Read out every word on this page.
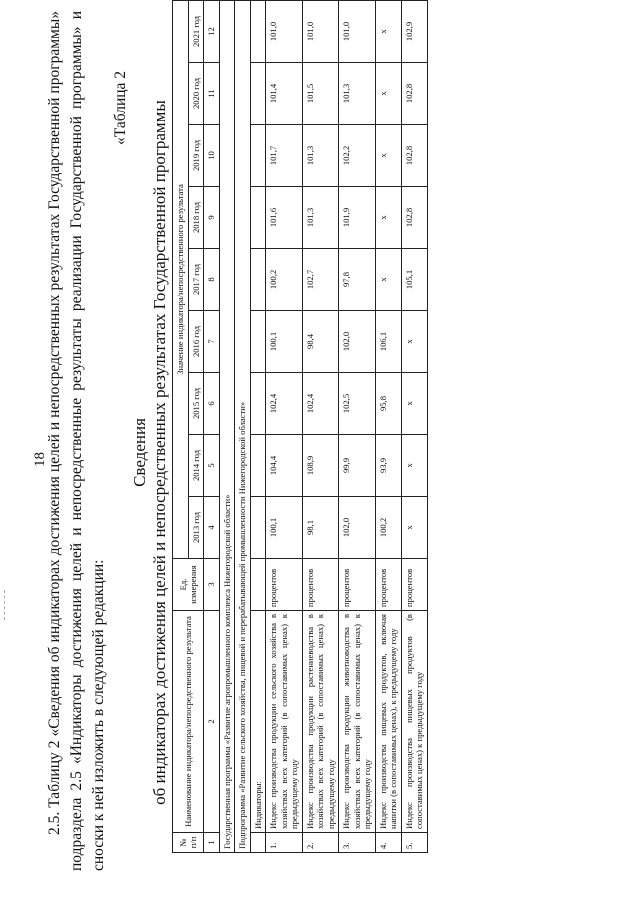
18
2.5. Таблицу 2 «Сведения об индикаторах достижения целей и непосредственных результатах Государственной программы» подраздела 2.5 «Индикаторы достижения целей и непосредственные результаты реализации Государственной программы» и сноски к ней изложить в следующей редакции:
«Таблица 2
Сведения об индикаторах достижения целей и непосредственных результатах Государственной программы
№ п/п	Наименование индикатора/непосредственного результата	Ед. измерения	Значение индикатора/непосредственного результата								
			2013 год	2014 год	2015 год	2016 год	2017 год	2018 год	2019 год	2020 год	2021 год
1	2	3	4	5	6	7	8	9	10	11	12
Государственная программа «Развитие агропромышленного комплекса Нижегородской области»											
Подпрограмма «Развитие сельского хозяйства, пищевой и перерабатывающей промышленности Нижегородской области»											
	Индикаторы:										
1.	Индекс производства продукции сельского хозяйства в хозяйствах всех категорий (в сопоставимых ценах) к предыдущему году	процентов	100,1	104,4	102,4	100,1	100,2	101,6	101,7	101,4	101,0
2.	Индекс производства продукции растениеводства в хозяйствах всех категорий (в сопоставимых ценах) к предыдущему году	процентов	98,1	108,9	102,4	98,4	102,7	101,3	101,3	101,5	101,0
3.	Индекс производства продукции животноводства в хозяйствах всех категорий (в сопоставимых ценах) к предыдущему году	процентов	102,0	99,9	102,5	102,0	97,8	101,9	102,2	101,3	101,0
4.	Индекс производства пищевых продуктов, включая напитки (в сопоставимых ценах), к предыдущему году	процентов	100,2	93,9	95,8	106,1	x	x	x	x	x
5.	Индекс производства пищевых продуктов (в сопоставимых ценах) к предыдущему году	процентов	x	x	x	x	105,1	102,8	102,8	102,8	102,9
